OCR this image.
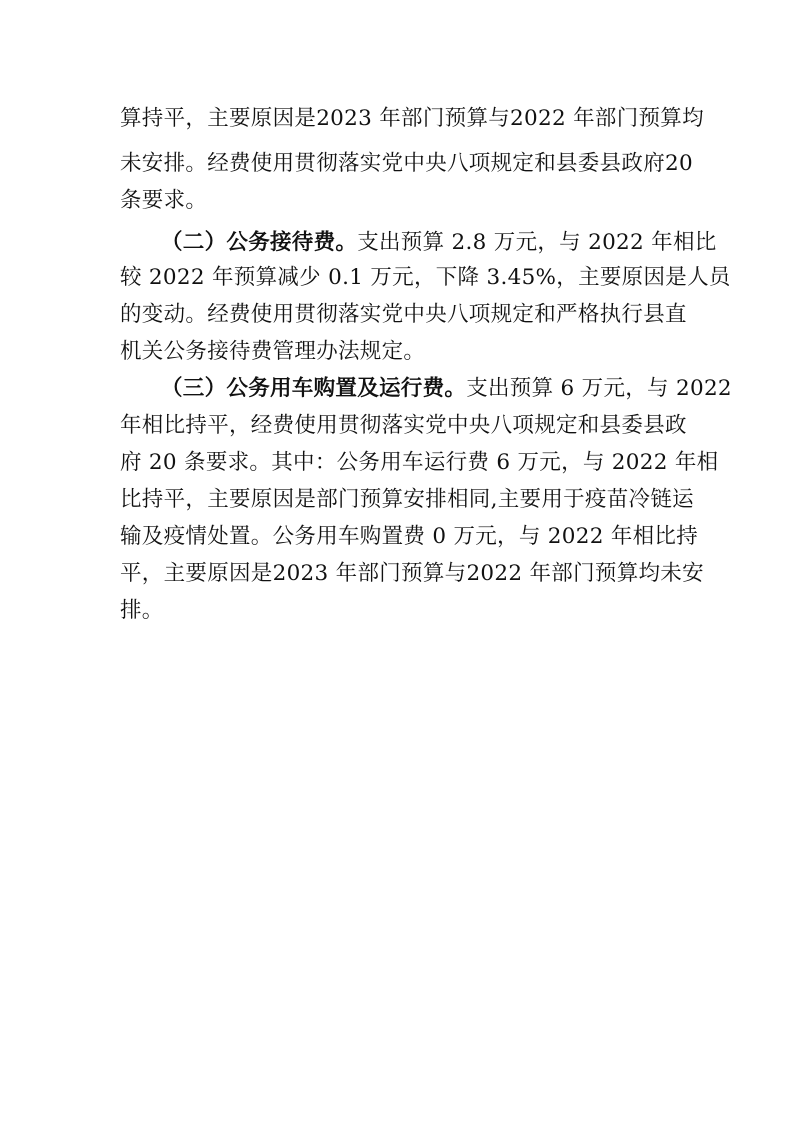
算持平，主要原因是2023 年部门预算与2022 年部门预算均
未安排。经费使用贯彻落实党中央八项规定和县委县政府20
条要求。
（二）公务接待费。支出预算 2.8 万元，与 2022 年相比
较 2022 年预算减少 0.1 万元，下降 3.45%，主要原因是人员
的变动。经费使用贯彻落实党中央八项规定和严格执行县直
机关公务接待费管理办法规定。
（三）公务用车购置及运行费。支出预算 6 万元，与 2022
年相比持平，经费使用贯彻落实党中央八项规定和县委县政
府 20 条要求。其中：公务用车运行费 6 万元，与 2022 年相
比持平，主要原因是部门预算安排相同,主要用于疫苗冷链运
输及疫情处置。公务用车购置费 0 万元，与 2022 年相比持
平，主要原因是2023 年部门预算与2022 年部门预算均未安
排。
